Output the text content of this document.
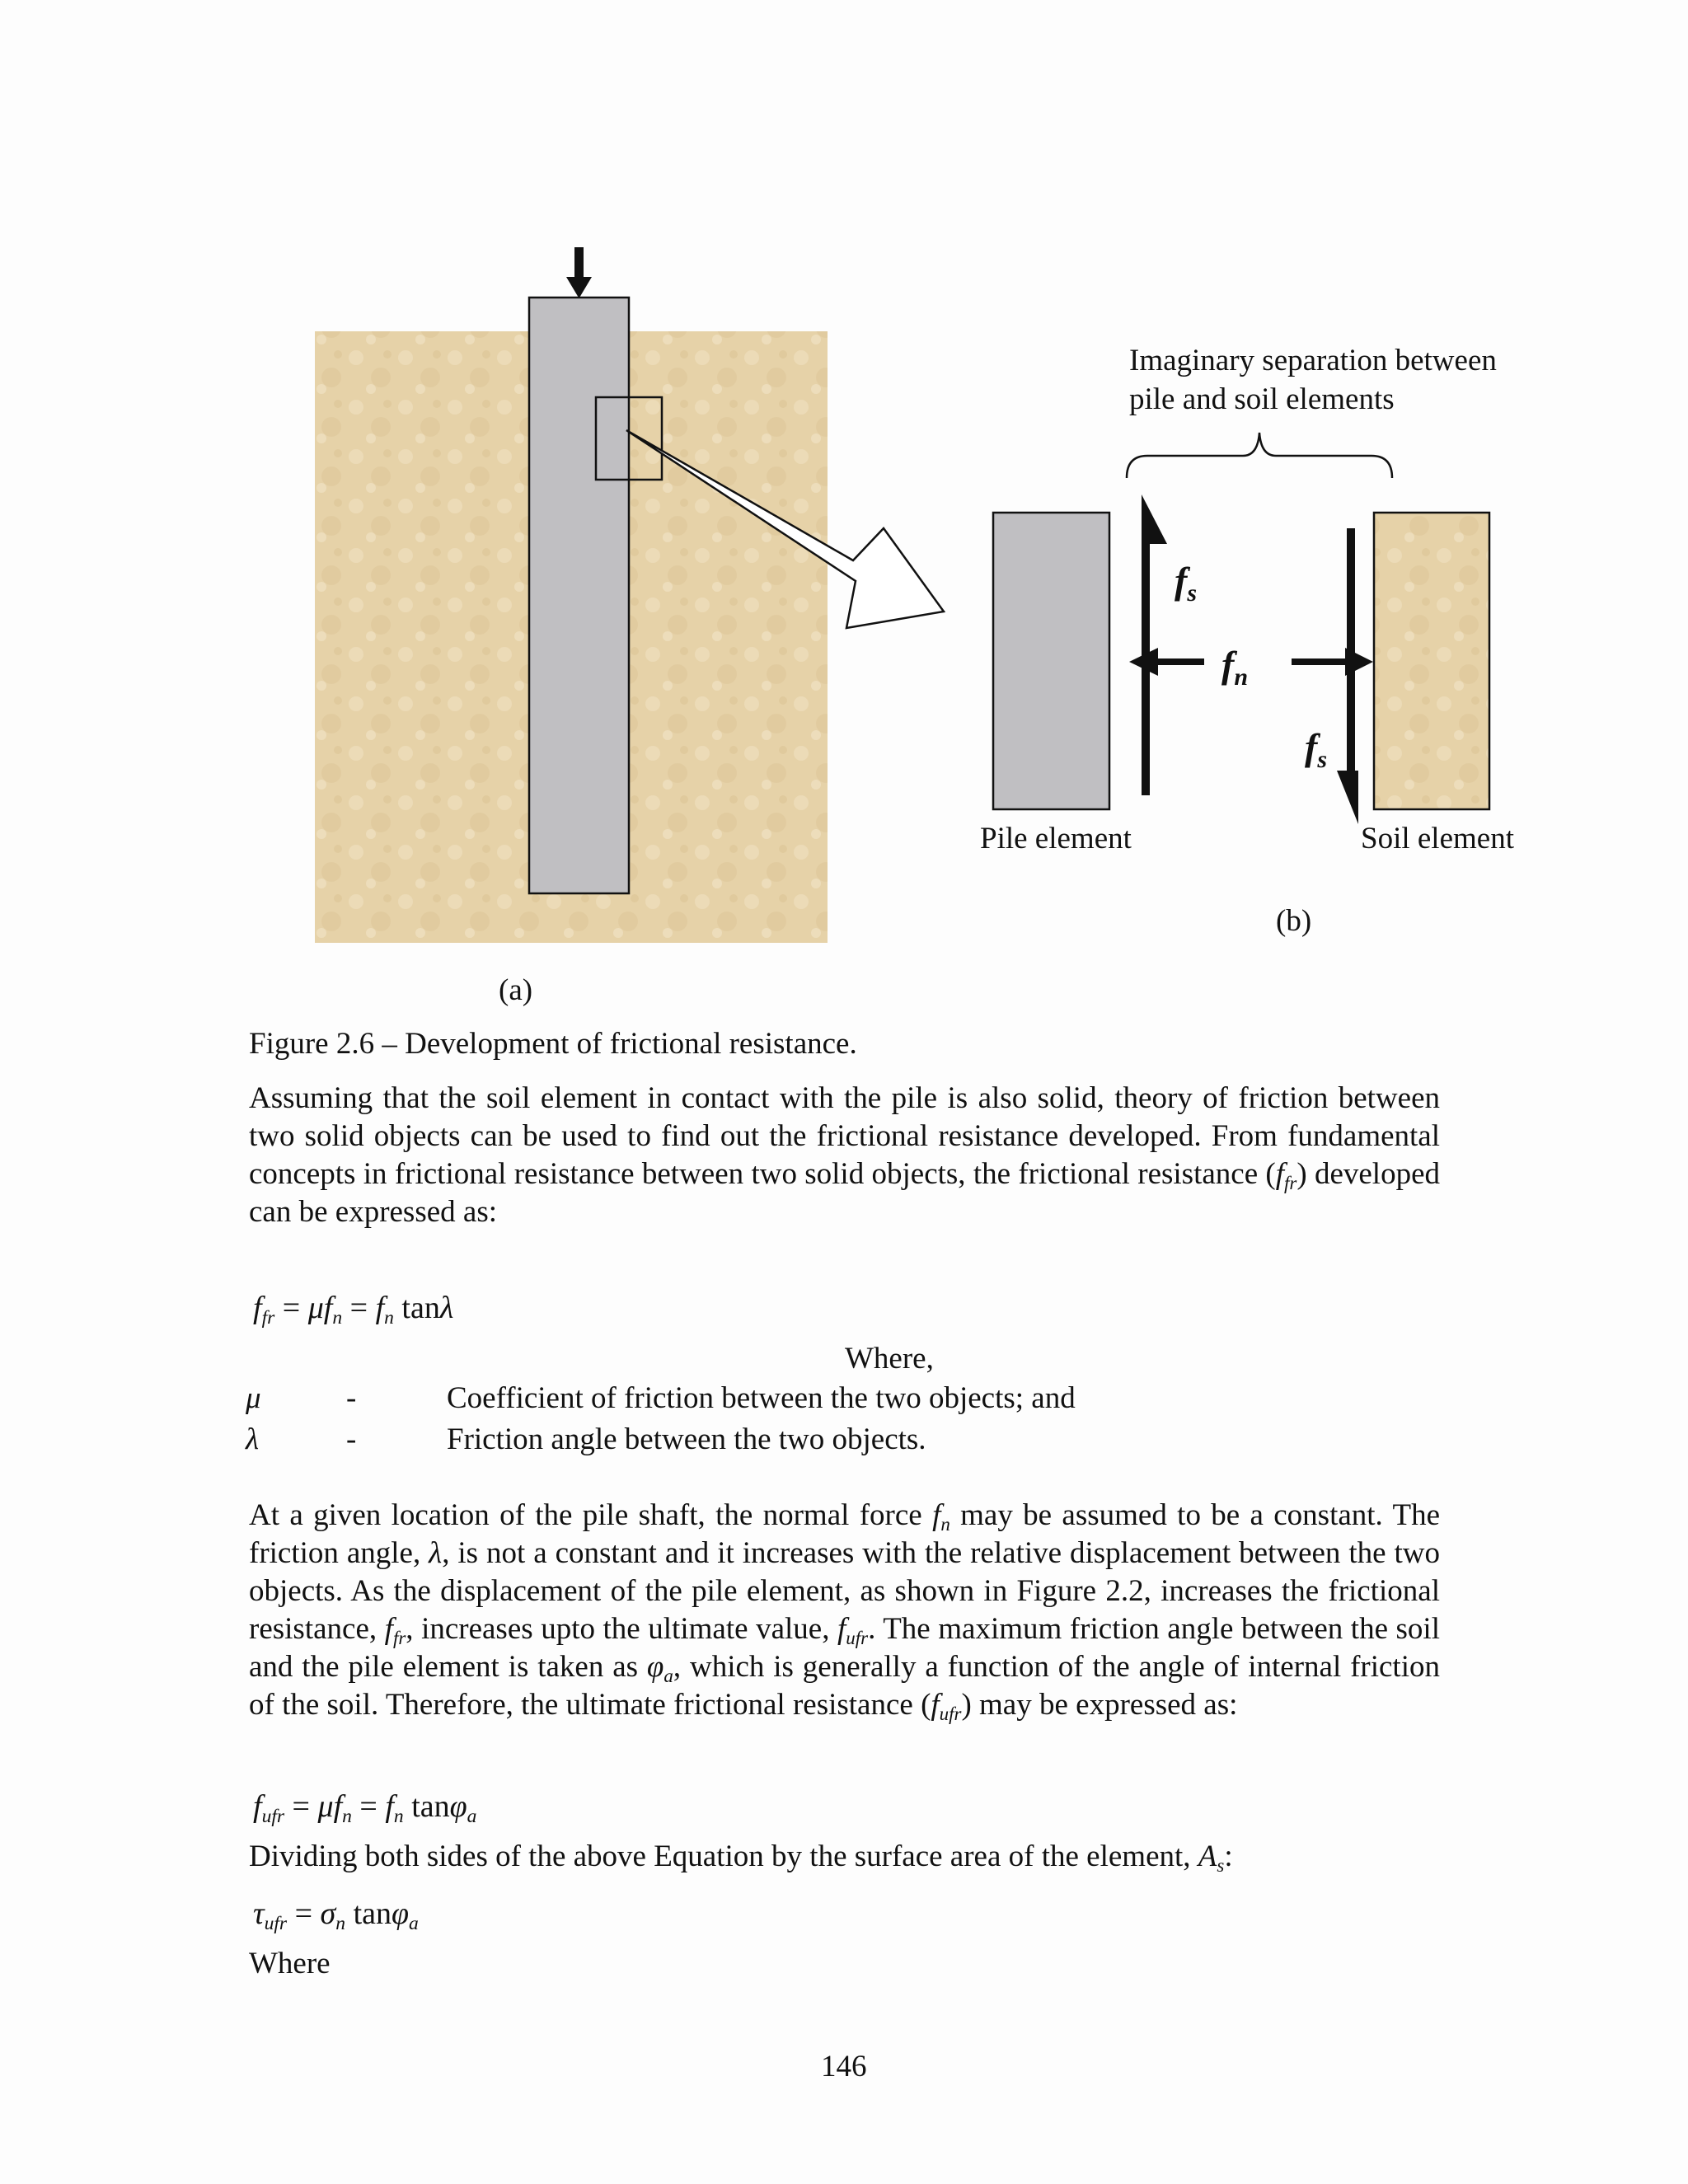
Imaginary separation between
pile and soil elements
$f_s$
$f_n$
$f_s$
Pile element	Soil element
(b)
(a)
Figure 2.6 – Development of frictional resistance.
Assuming that the soil element in contact with the pile is also solid, theory of friction between two solid objects can be used to find out the frictional resistance developed. From fundamental concepts in frictional resistance between two solid objects, the frictional resistance $(f_{fr})$ developed can be expressed as:
$f_{fr} = \mu f_n = f_n$ tanλ
Where,
μ	-	Coefficient of friction between the two objects; and
λ	-	Friction angle between the two objects.
At a given location of the pile shaft, the normal force $f_n$ may be assumed to be a constant. The friction angle, λ, is not a constant and it increases with the relative displacement between the two objects. As the displacement of the pile element, as shown in Figure 2.2, increases the frictional resistance, $f_{fr}$, increases upto the ultimate value, $f_{ufr}$. The maximum friction angle between the soil and the pile element is taken as $\varphi_a$, which is generally a function of the angle of internal friction of the soil. Therefore, the ultimate frictional resistance $(f_{ufr})$ may be expressed as:
$f_{ufr} = \mu f_n = f_n$ tanφ$_a$
Dividing both sides of the above Equation by the surface area of the element, $A_s$:
$\tau_{ufr} = \sigma_n$ tanφ$_a$
Where
146
